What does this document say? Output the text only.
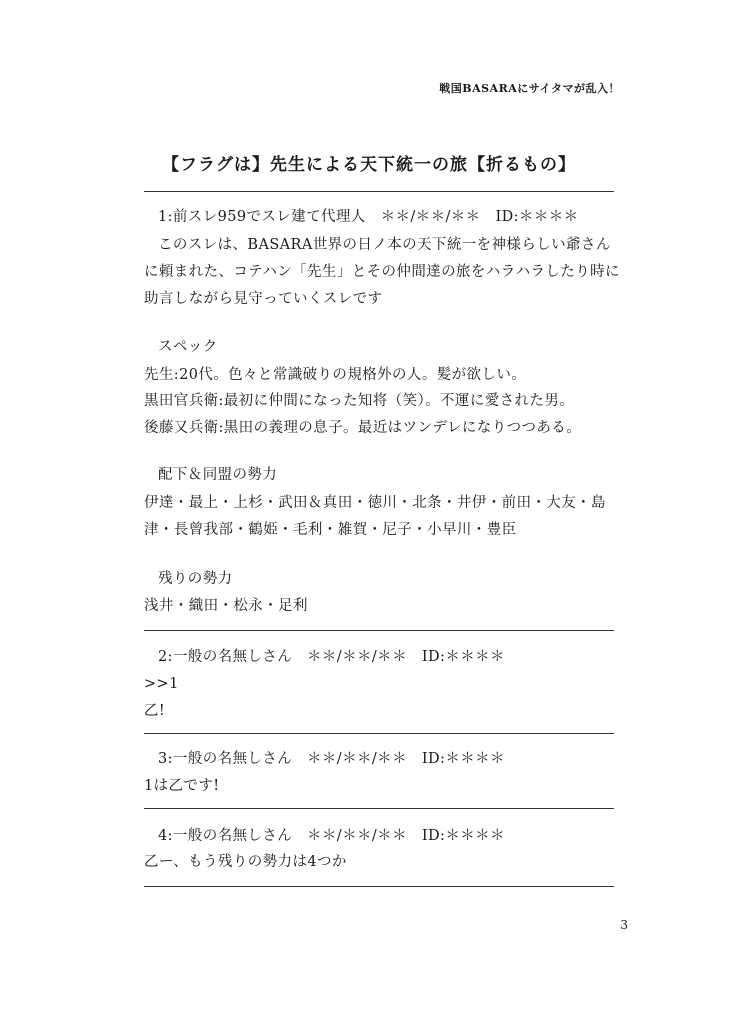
戦国BASARAにサイタマが乱入！
【フラグは】先生による天下統一の旅【折るもの】
1:前スレ959でスレ建て代理人　＊＊/＊＊/＊＊　ID:＊＊＊＊
このスレは、BASARA世界の日ノ本の天下統一を神様らしい爺さん
に頼まれた、コテハン「先生」とその仲間達の旅をハラハラしたり時に
助言しながら見守っていくスレです
スペック
先生:20代。色々と常識破りの規格外の人。髪が欲しい。
黒田官兵衛:最初に仲間になった知将（笑）。不運に愛された男。
後藤又兵衛:黒田の義理の息子。最近はツンデレになりつつある。
配下＆同盟の勢力
伊達・最上・上杉・武田＆真田・徳川・北条・井伊・前田・大友・島
津・長曾我部・鶴姫・毛利・雑賀・尼子・小早川・豊臣
残りの勢力
浅井・織田・松永・足利
2:一般の名無しさん　＊＊/＊＊/＊＊　ID:＊＊＊＊
>>1
乙!
3:一般の名無しさん　＊＊/＊＊/＊＊　ID:＊＊＊＊
1は乙です!
4:一般の名無しさん　＊＊/＊＊/＊＊　ID:＊＊＊＊
乙ー、もう残りの勢力は4つか
3
